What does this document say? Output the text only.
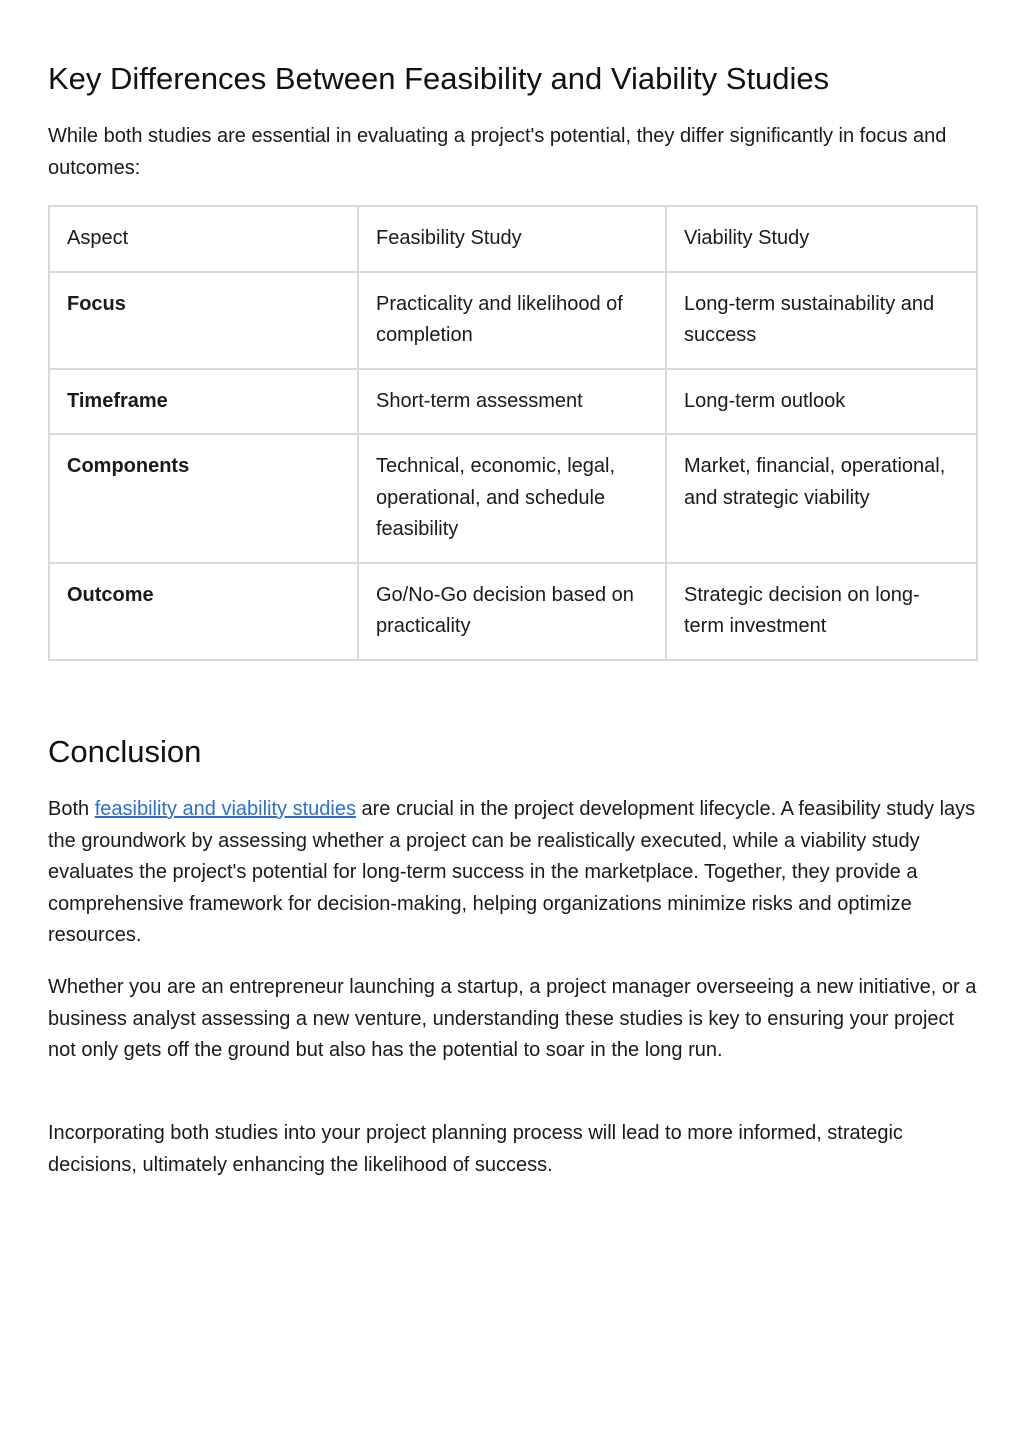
Key Differences Between Feasibility and Viability Studies

While both studies are essential in evaluating a project's potential, they differ significantly in focus and outcomes:

Aspect	Feasibility Study	Viability Study
Focus	Practicality and likelihood of completion	Long-term sustainability and success
Timeframe	Short-term assessment	Long-term outlook
Components	Technical, economic, legal, operational, and schedule feasibility	Market, financial, operational, and strategic viability
Outcome	Go/No-Go decision based on practicality	Strategic decision on long-term investment
Conclusion

Both feasibility and viability studies are crucial in the project development lifecycle. A feasibility study lays the groundwork by assessing whether a project can be realistically executed, while a viability study evaluates the project's potential for long-term success in the marketplace. Together, they provide a comprehensive framework for decision-making, helping organizations minimize risks and optimize resources.

Whether you are an entrepreneur launching a startup, a project manager overseeing a new initiative, or a business analyst assessing a new venture, understanding these studies is key to ensuring your project not only gets off the ground but also has the potential to soar in the long run.

Incorporating both studies into your project planning process will lead to more informed, strategic decisions, ultimately enhancing the likelihood of success.
